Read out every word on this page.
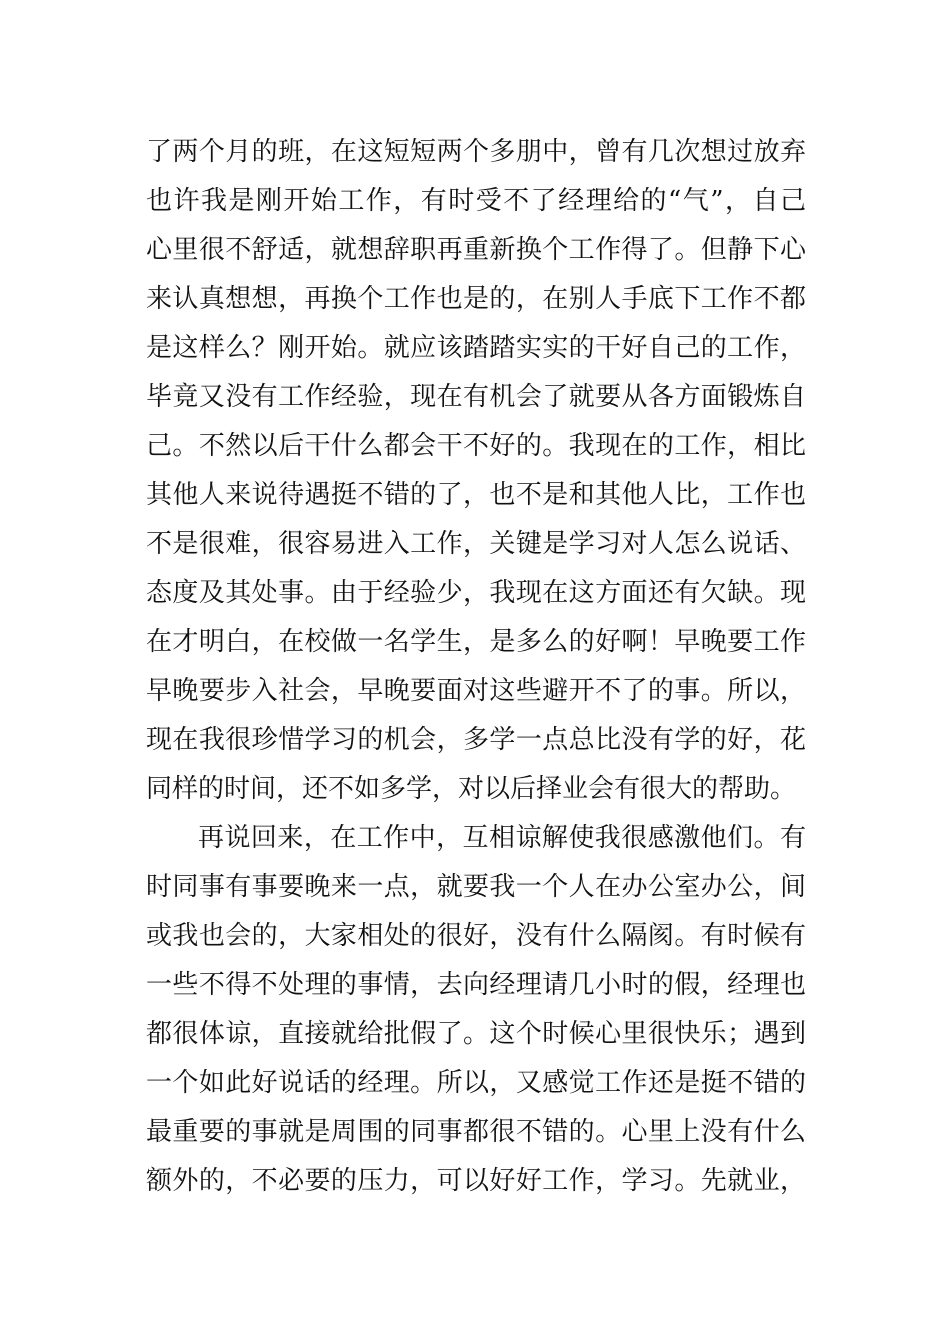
了两个月的班，在这短短两个多朋中，曾有几次想过放弃
也许我是刚开始工作，有时受不了经理给的“气”，自己
心里很不舒适，就想辞职再重新换个工作得了。但静下心
来认真想想，再换个工作也是的，在别人手底下工作不都
是这样么？刚开始。就应该踏踏实实的干好自己的工作，
毕竟又没有工作经验，现在有机会了就要从各方面锻炼自
己。不然以后干什么都会干不好的。我现在的工作，相比
其他人来说待遇挺不错的了，也不是和其他人比，工作也
不是很难，很容易进入工作，关键是学习对人怎么说话、
态度及其处事。由于经验少，我现在这方面还有欠缺。现
在才明白，在校做一名学生，是多么的好啊！早晚要工作
早晚要步入社会，早晚要面对这些避开不了的事。所以，
现在我很珍惜学习的机会，多学一点总比没有学的好，花
同样的时间，还不如多学，对以后择业会有很大的帮助。
再说回来，在工作中，互相谅解使我很感激他们。有
时同事有事要晚来一点，就要我一个人在办公室办公，间
或我也会的，大家相处的很好，没有什么隔阂。有时候有
一些不得不处理的事情，去向经理请几小时的假，经理也
都很体谅，直接就给批假了。这个时候心里很快乐；遇到
一个如此好说话的经理。所以，又感觉工作还是挺不错的
最重要的事就是周围的同事都很不错的。心里上没有什么
额外的，不必要的压力，可以好好工作，学习。先就业，
